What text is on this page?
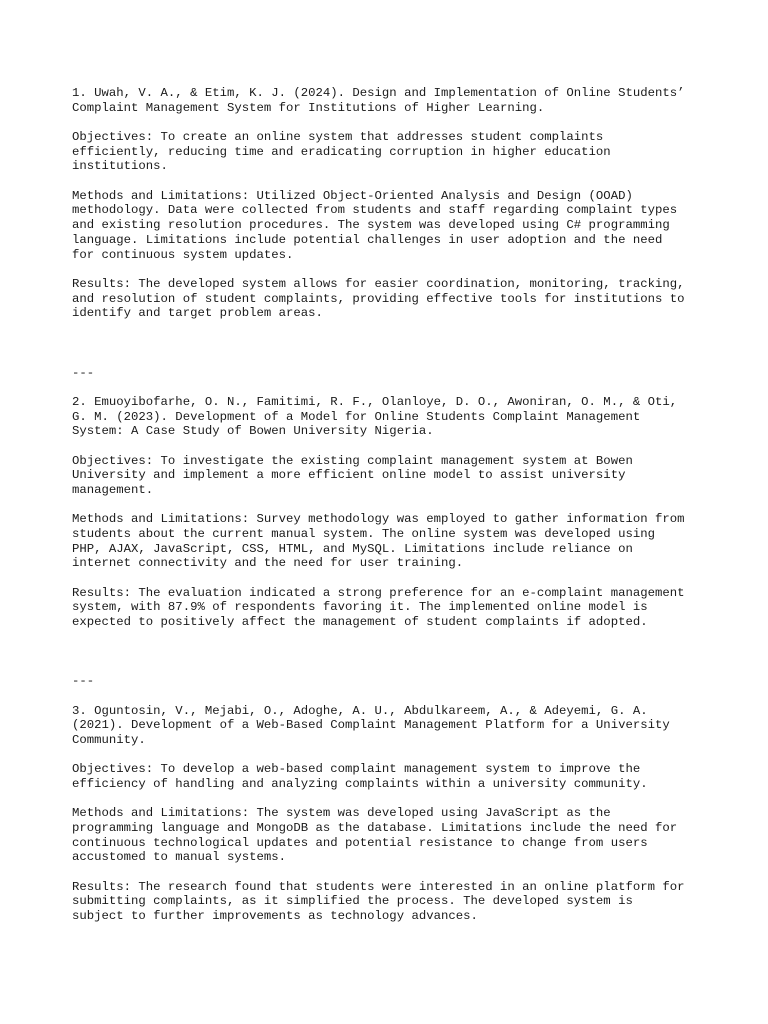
1. Uwah, V. A., & Etim, K. J. (2024). Design and Implementation of Online Students’
Complaint Management System for Institutions of Higher Learning.

Objectives: To create an online system that addresses student complaints
efficiently, reducing time and eradicating corruption in higher education
institutions.

Methods and Limitations: Utilized Object-Oriented Analysis and Design (OOAD)
methodology. Data were collected from students and staff regarding complaint types
and existing resolution procedures. The system was developed using C# programming
language. Limitations include potential challenges in user adoption and the need
for continuous system updates.

Results: The developed system allows for easier coordination, monitoring, tracking,
and resolution of student complaints, providing effective tools for institutions to
identify and target problem areas.

---

2. Emuoyibofarhe, O. N., Famitimi, R. F., Olanloye, D. O., Awoniran, O. M., & Oti,
G. M. (2023). Development of a Model for Online Students Complaint Management
System: A Case Study of Bowen University Nigeria.

Objectives: To investigate the existing complaint management system at Bowen
University and implement a more efficient online model to assist university
management.

Methods and Limitations: Survey methodology was employed to gather information from
students about the current manual system. The online system was developed using
PHP, AJAX, JavaScript, CSS, HTML, and MySQL. Limitations include reliance on
internet connectivity and the need for user training.

Results: The evaluation indicated a strong preference for an e-complaint management
system, with 87.9% of respondents favoring it. The implemented online model is
expected to positively affect the management of student complaints if adopted.

---

3. Oguntosin, V., Mejabi, O., Adoghe, A. U., Abdulkareem, A., & Adeyemi, G. A.
(2021). Development of a Web-Based Complaint Management Platform for a University
Community.

Objectives: To develop a web-based complaint management system to improve the
efficiency of handling and analyzing complaints within a university community.

Methods and Limitations: The system was developed using JavaScript as the
programming language and MongoDB as the database. Limitations include the need for
continuous technological updates and potential resistance to change from users
accustomed to manual systems.

Results: The research found that students were interested in an online platform for
submitting complaints, as it simplified the process. The developed system is
subject to further improvements as technology advances.
